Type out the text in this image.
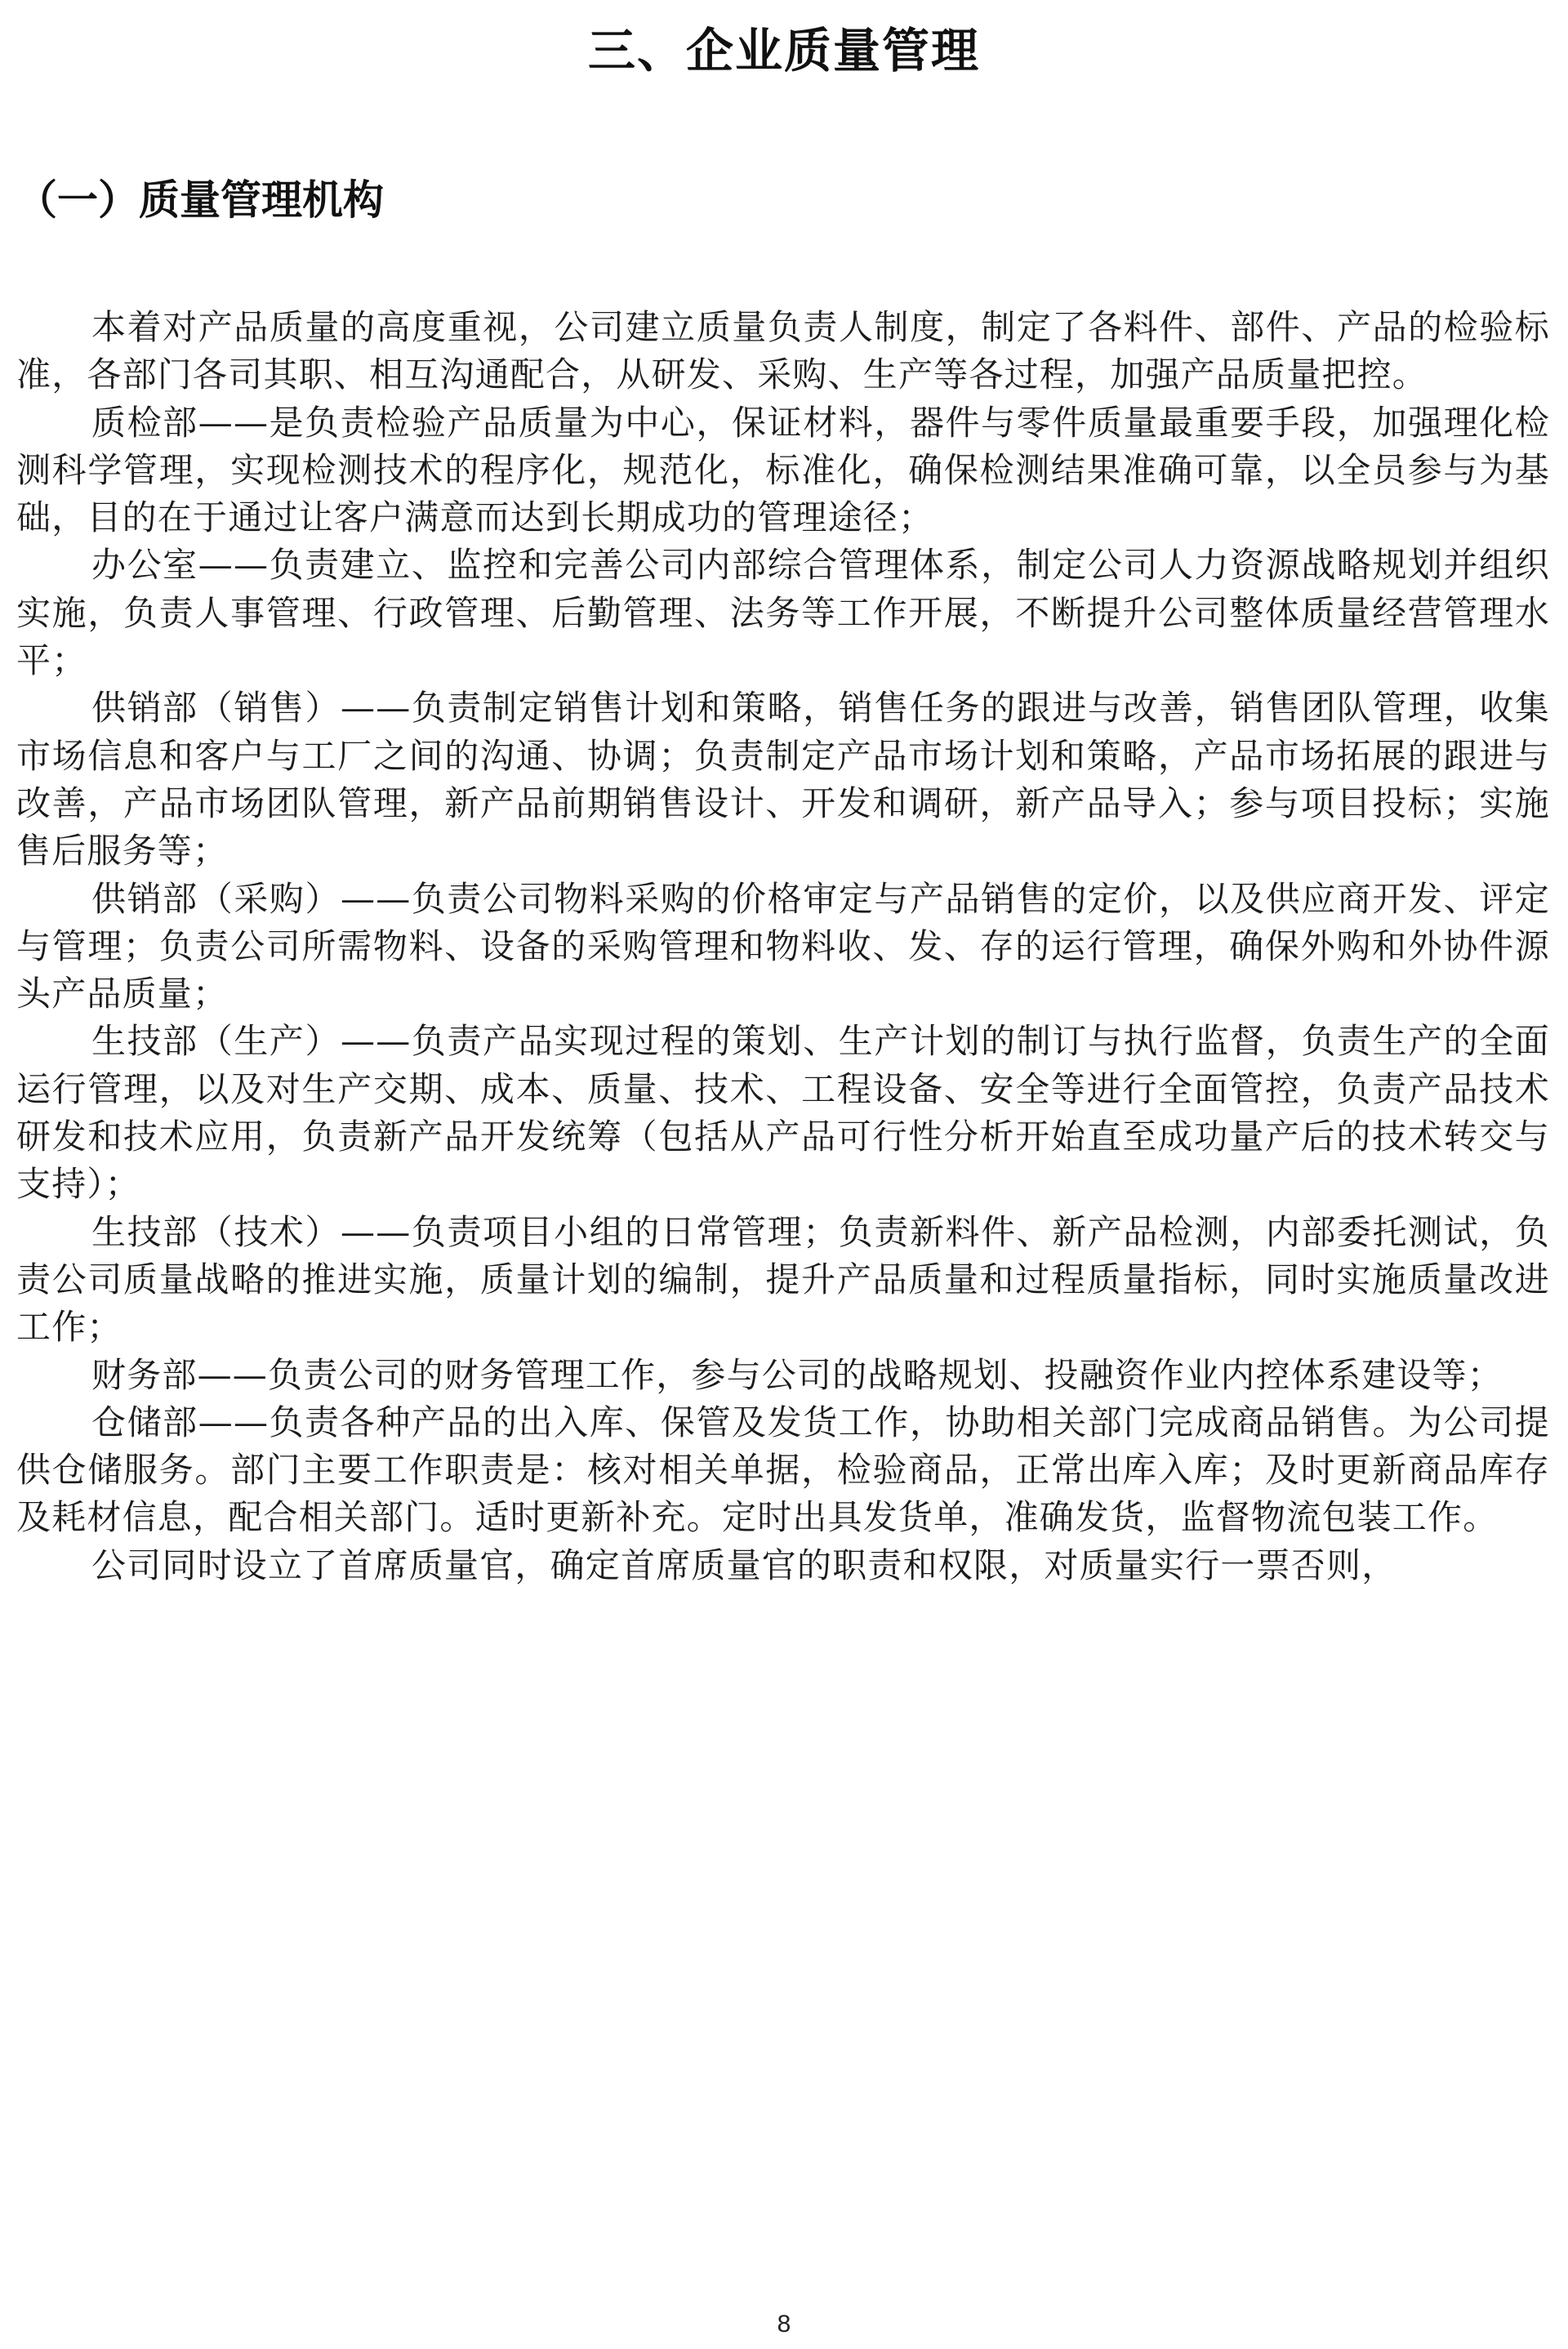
三、企业质量管理
（一）质量管理机构

本着对产品质量的高度重视，公司建立质量负责人制度，制定了各料件、部件、产品的检验标准，各部门各司其职、相互沟通配合，从研发、采购、生产等各过程，加强产品质量把控。

质检部——是负责检验产品质量为中心，保证材料，器件与零件质量最重要手段，加强理化检测科学管理，实现检测技术的程序化，规范化，标准化，确保检测结果准确可靠，以全员参与为基础，目的在于通过让客户满意而达到长期成功的管理途径；

办公室——负责建立、监控和完善公司内部综合管理体系，制定公司人力资源战略规划并组织实施，负责人事管理、行政管理、后勤管理、法务等工作开展，不断提升公司整体质量经营管理水平；

供销部（销售）——负责制定销售计划和策略，销售任务的跟进与改善，销售团队管理，收集市场信息和客户与工厂之间的沟通、协调；负责制定产品市场计划和策略，产品市场拓展的跟进与改善，产品市场团队管理，新产品前期销售设计、开发和调研，新产品导入；参与项目投标；实施售后服务等；

供销部（采购）——负责公司物料采购的价格审定与产品销售的定价，以及供应商开发、评定与管理；负责公司所需物料、设备的采购管理和物料收、发、存的运行管理，确保外购和外协件源头产品质量；

生技部（生产）——负责产品实现过程的策划、生产计划的制订与执行监督，负责生产的全面运行管理，以及对生产交期、成本、质量、技术、工程设备、安全等进行全面管控，负责产品技术研发和技术应用，负责新产品开发统筹（包括从产品可行性分析开始直至成功量产后的技术转交与支持）；

生技部（技术）——负责项目小组的日常管理；负责新料件、新产品检测，内部委托测试，负责公司质量战略的推进实施，质量计划的编制，提升产品质量和过程质量指标，同时实施质量改进工作；

财务部——负责公司的财务管理工作，参与公司的战略规划、投融资作业内控体系建设等；

仓储部——负责各种产品的出入库、保管及发货工作，协助相关部门完成商品销售。为公司提供仓储服务。部门主要工作职责是：核对相关单据，检验商品，正常出库入库；及时更新商品库存及耗材信息，配合相关部门。适时更新补充。定时出具发货单，准确发货，监督物流包装工作。

公司同时设立了首席质量官，确定首席质量官的职责和权限，对质量实行一票否则，

8
